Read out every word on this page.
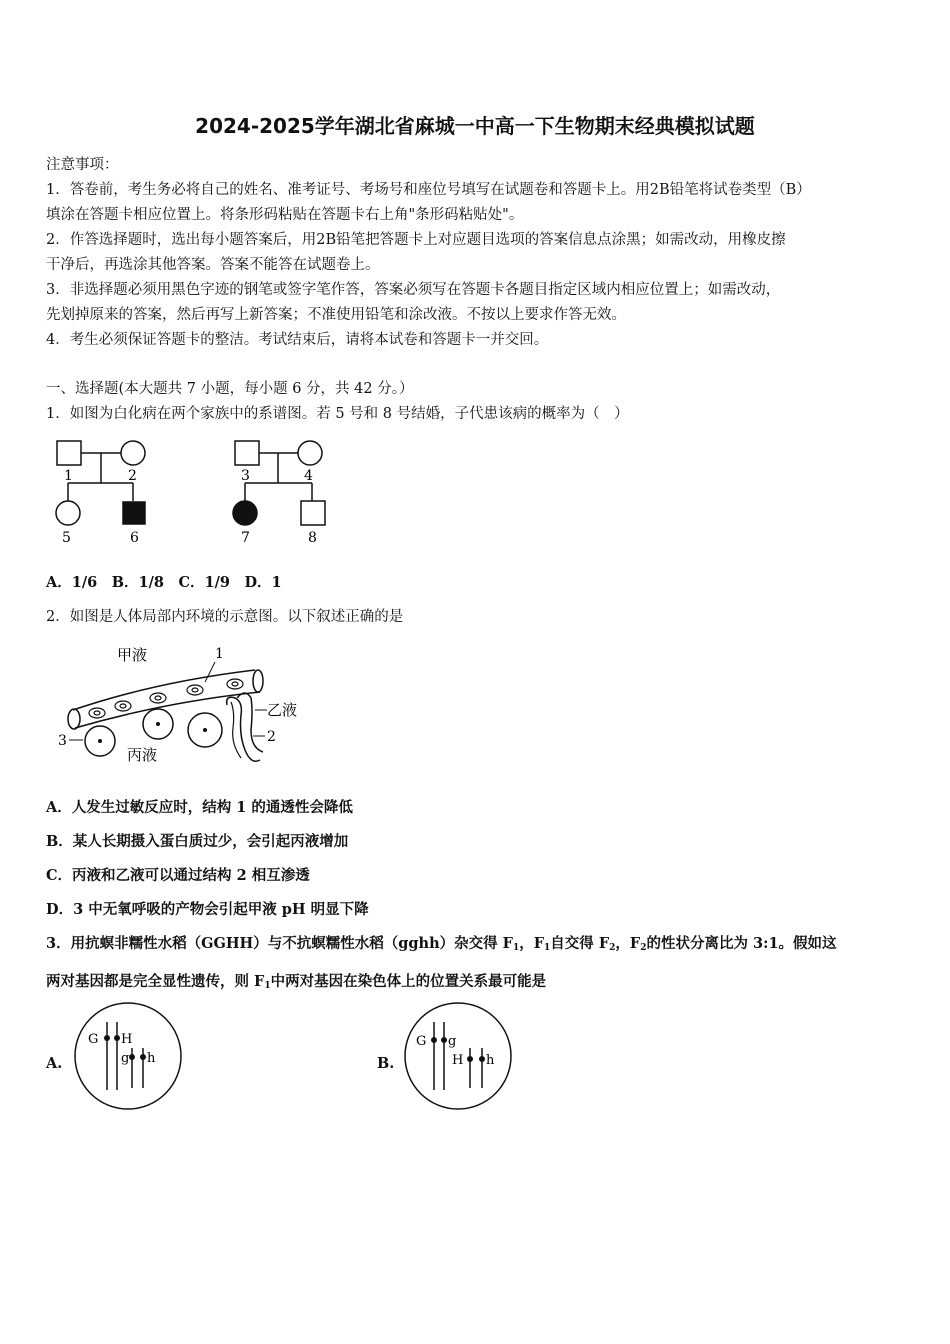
2024-2025学年湖北省麻城一中高一下生物期末经典模拟试题
注意事项：
1．答卷前，考生务必将自己的姓名、准考证号、考场号和座位号填写在试题卷和答题卡上。用2B铅笔将试卷类型（B）
填涂在答题卡相应位置上。将条形码粘贴在答题卡右上角"条形码粘贴处"。
2．作答选择题时，选出每小题答案后，用2B铅笔把答题卡上对应题目选项的答案信息点涂黑；如需改动，用橡皮擦
干净后，再选涂其他答案。答案不能答在试题卷上。
3．非选择题必须用黑色字迹的钢笔或签字笔作答，答案必须写在答题卡各题目指定区域内相应位置上；如需改动，
先划掉原来的答案，然后再写上新答案；不准使用铅笔和涂改液。不按以上要求作答无效。
4．考生必须保证答题卡的整洁。考试结束后，请将本试卷和答题卡一并交回。
一、选择题(本大题共 7 小题，每小题 6 分，共 42 分。）
1．如图为白化病在两个家族中的系谱图。若 5 号和 8 号结婚，子代患该病的概率为（　）
1	2
5	6
3	4
7	8
A．1/6　B．1/8　C．1/9　D．1
2．如图是人体局部内环境的示意图。以下叙述正确的是
甲液	1
乙液
2
3
丙液
A．人发生过敏反应时，结构 1 的通透性会降低
B．某人长期摄入蛋白质过少，会引起丙液增加
C．丙液和乙液可以通过结构 2 相互渗透
D．3 中无氧呼吸的产物会引起甲液 pH 明显下降
3．用抗螟非糯性水稻（GGHH）与不抗螟糯性水稻（gghh）杂交得 $F_1$，$F_1$自交得 $F_2$，$F_2$的性状分离比为 3:1。假如这
两对基因都是完全显性遗传，则 $F_1$中两对基因在染色体上的位置关系最可能是
A.
G H
g h	B.
G g
H h
